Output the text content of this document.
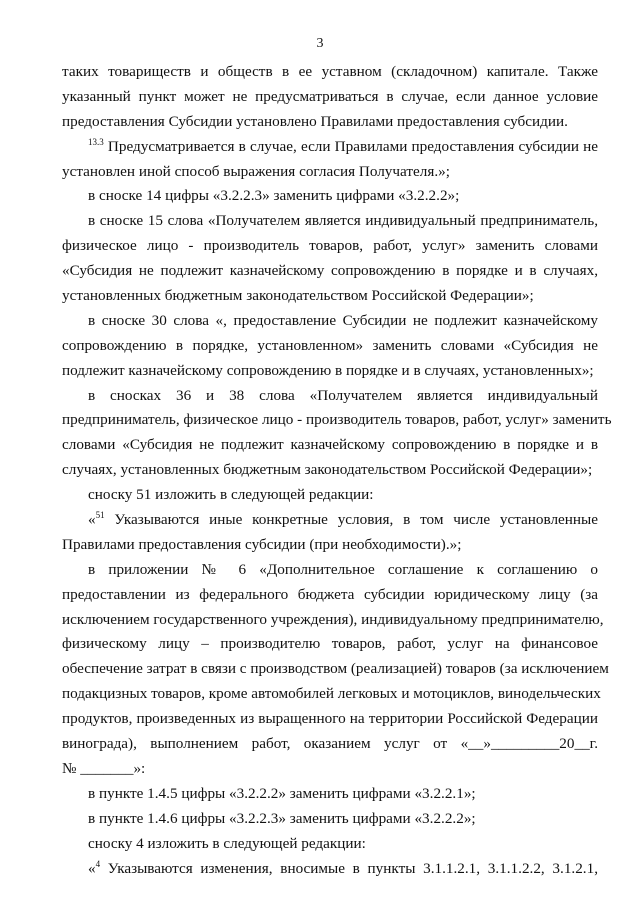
3
таких товариществ и обществ в ее уставном (складочном) капитале. Также
указанный пункт может не предусматриваться в случае, если данное условие
предоставления Субсидии установлено Правилами предоставления субсидии.
$^{13.3}$ Предусматривается в случае, если Правилами предоставления субсидии не
установлен иной способ выражения согласия Получателя.»;
в сноске 14 цифры «3.2.2.3» заменить цифрами «3.2.2.2»;
в сноске 15 слова «Получателем является индивидуальный предприниматель,
физическое лицо - производитель товаров, работ, услуг» заменить словами
«Субсидия не подлежит казначейскому сопровождению в порядке и в случаях,
установленных бюджетным законодательством Российской Федерации»;
в сноске 30 слова «, предоставление Субсидии не подлежит казначейскому
сопровождению в порядке, установленном» заменить словами «Субсидия не
подлежит казначейскому сопровождению в порядке и в случаях, установленных»;
в сносках 36 и 38 слова «Получателем является индивидуальный
предприниматель, физическое лицо - производитель товаров, работ, услуг» заменить
словами «Субсидия не подлежит казначейскому сопровождению в порядке и в
случаях, установленных бюджетным законодательством Российской Федерации»;
сноску 51 изложить в следующей редакции:
«$^{51}$ Указываются иные конкретные условия, в том числе установленные
Правилами предоставления субсидии (при необходимости).»;
в приложении № 6 «Дополнительное соглашение к соглашению о
предоставлении из федерального бюджета субсидии юридическому лицу (за
исключением государственного учреждения), индивидуальному предпринимателю,
физическому лицу – производителю товаров, работ, услуг на финансовое
обеспечение затрат в связи с производством (реализацией) товаров (за исключением
подакцизных товаров, кроме автомобилей легковых и мотоциклов, винодельческих
продуктов, произведенных из выращенного на территории Российской Федерации
винограда), выполнением работ, оказанием услуг от «__»_________20__г.
№ _______»:
в пункте 1.4.5 цифры «3.2.2.2» заменить цифрами «3.2.2.1»;
в пункте 1.4.6 цифры «3.2.2.3» заменить цифрами «3.2.2.2»;
сноску 4 изложить в следующей редакции:
«$^4$ Указываются изменения, вносимые в пункты 3.1.1.2.1, 3.1.1.2.2, 3.1.2.1,
